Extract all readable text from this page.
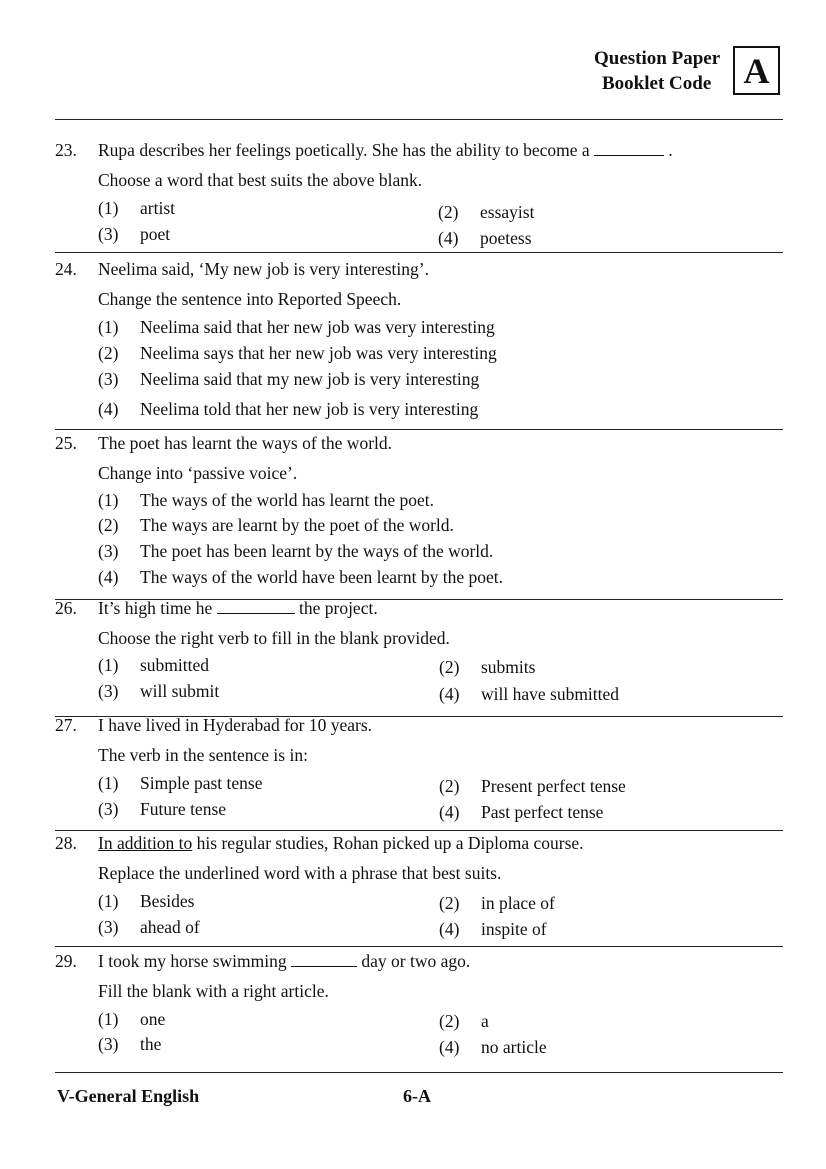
Question Paper
Booklet Code A
23.	Rupa describes her feelings poetically. She has the ability to become a	.
Choose a word that best suits the above blank.
(1) artist	(2) essayist
(3) poet	(4) poetess
24.	Neelima said, ‘My new job is very interesting’.
Change the sentence into Reported Speech.
(1) Neelima said that her new job was very interesting
(2) Neelima says that her new job was very interesting
(3) Neelima said that my new job is very interesting
(4) Neelima told that her new job is very interesting
25.	The poet has learnt the ways of the world.
Change into ‘passive voice’.
(1) The ways of the world has learnt the poet.
(2) The ways are learnt by the poet of the world.
(3) The poet has been learnt by the ways of the world.
(4) The ways of the world have been learnt by the poet.
26.	It’s high time he	the project.
Choose the right verb to fill in the blank provided.
(1) submitted	(2) submits
(3) will submit	(4) will have submitted
27.	I have lived in Hyderabad for 10 years.
The verb in the sentence is in:
(1) Simple past tense	(2) Present perfect tense
(3) Future tense	(4) Past perfect tense
28.	In addition to his regular studies, Rohan picked up a Diploma course.
Replace the underlined word with a phrase that best suits.
(1) Besides	(2) in place of
(3) ahead of	(4) inspite of
29.	I took my horse swimming	day or two ago.
Fill the blank with a right article.
(1) one	(2) a
(3) the	(4) no article
V-General English	6-A
